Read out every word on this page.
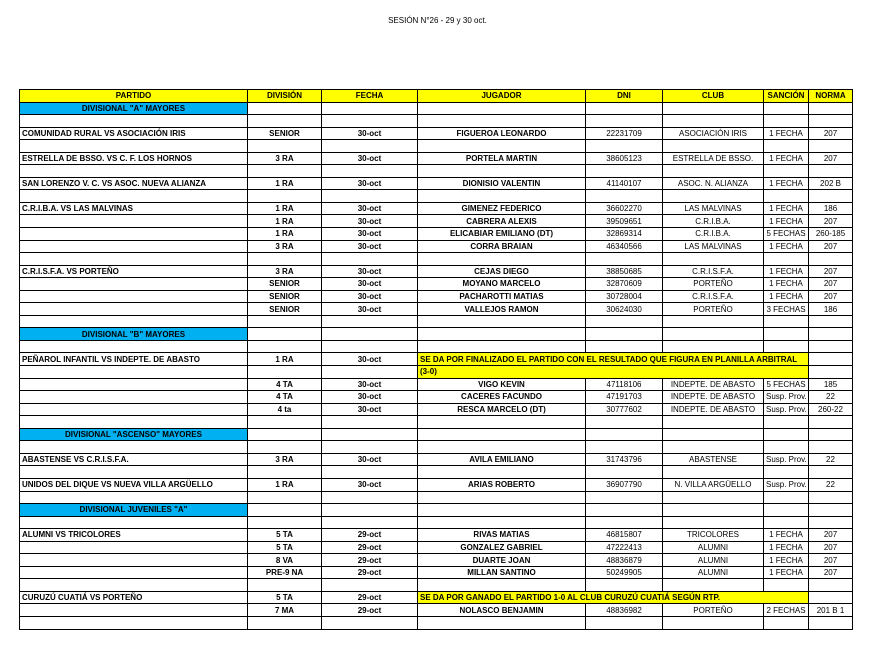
SESIÓN N°26 - 29 y 30 oct.
PARTIDO	DIVISIÓN	FECHA	JUGADOR	DNI	CLUB	SANCIÓN	NORMA
DIVISIONAL "A" MAYORES							

COMUNIDAD RURAL VS ASOCIACIÓN IRIS	SENIOR	30-oct	FIGUEROA LEONARDO	22231709	ASOCIACIÓN IRIS	1 FECHA	207

ESTRELLA DE BSSO. VS C. F. LOS HORNOS	3 RA	30-oct	PORTELA MARTIN	38605123	ESTRELLA DE BSSO.	1 FECHA	207

SAN LORENZO V. C. VS ASOC. NUEVA ALIANZA	1 RA	30-oct	DIONISIO VALENTIN	41140107	ASOC. N. ALIANZA	1 FECHA	202 B

C.R.I.B.A. VS LAS MALVINAS	1 RA	30-oct	GIMENEZ FEDERICO	36602270	LAS MALVINAS	1 FECHA	186
	1 RA	30-oct	CABRERA ALEXIS	39509651	C.R.I.B.A.	1 FECHA	207
	1 RA	30-oct	ELICABIAR EMILIANO (DT)	32869314	C.R.I.B.A.	5 FECHAS	260-185
	3 RA	30-oct	CORRA BRAIAN	46340566	LAS MALVINAS	1 FECHA	207

C.R.I.S.F.A. VS PORTEÑO	3 RA	30-oct	CEJAS DIEGO	38850685	C.R.I.S.F.A.	1 FECHA	207
	SENIOR	30-oct	MOYANO MARCELO	32870609	PORTEÑO	1 FECHA	207
	SENIOR	30-oct	PACHAROTTI MATIAS	30728004	C.R.I.S.F.A.	1 FECHA	207
	SENIOR	30-oct	VALLEJOS RAMON	30624030	PORTEÑO	3 FECHAS	186

DIVISIONAL "B" MAYORES							

PEÑAROL INFANTIL VS INDEPTE. DE ABASTO	1 RA	30-oct	SE DA POR FINALIZADO EL PARTIDO CON EL RESULTADO QUE FIGURA EN PLANILLA ARBITRAL				
			(3-0)				
	4 TA	30-oct	VIGO KEVIN	47118106	INDEPTE. DE ABASTO	5 FECHAS	185
	4 TA	30-oct	CACERES FACUNDO	47191703	INDEPTE. DE ABASTO	Susp. Prov.	22
	4 ta	30-oct	RESCA MARCELO (DT)	30777602	INDEPTE. DE ABASTO	Susp. Prov.	260-22

DIVISIONAL "ASCENSO" MAYORES							

ABASTENSE VS C.R.I.S.F.A.	3 RA	30-oct	AVILA EMILIANO	31743796	ABASTENSE	Susp. Prov.	22

UNIDOS DEL DIQUE VS NUEVA VILLA ARGÜELLO	1 RA	30-oct	ARIAS ROBERTO	36907790	N. VILLA ARGÜELLO	Susp. Prov.	22

DIVISIONAL JUVENILES "A"							

ALUMNI VS TRICOLORES	5 TA	29-oct	RIVAS MATIAS	46815807	TRICOLORES	1 FECHA	207
	5 TA	29-oct	GONZALEZ GABRIEL	47222413	ALUMNI	1 FECHA	207
	8 VA	29-oct	DUARTE JOAN	48836879	ALUMNI	1 FECHA	207
	PRE-9 NA	29-oct	MILLAN SANTINO	50249905	ALUMNI	1 FECHA	207

CURUZÚ CUATIÁ VS PORTEÑO	5 TA	29-oct	SE DA POR GANADO EL PARTIDO 1-0 AL CLUB CURUZÚ CUATIÁ SEGÚN RTP.				
	7 MA	29-oct	NOLASCO BENJAMIN	48836982	PORTEÑO	2 FECHAS	201 B 1
